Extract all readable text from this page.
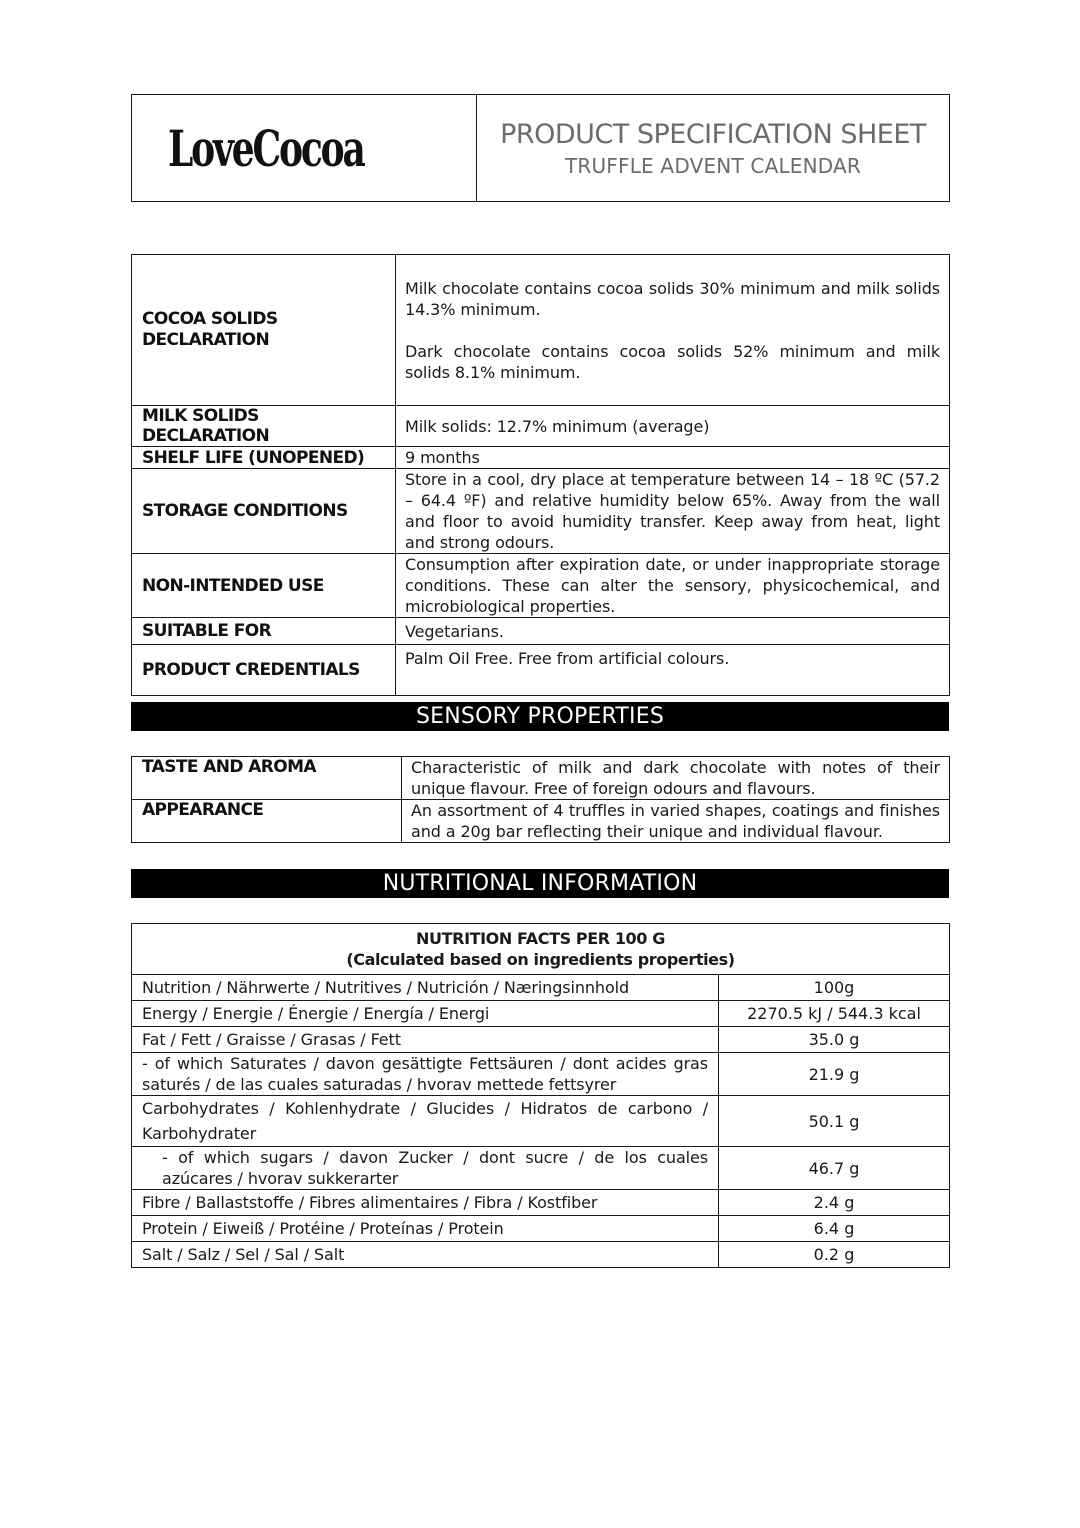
LoveCocoa	PRODUCT SPECIFICATION SHEET
TRUFFLE ADVENT CALENDAR
COCOA SOLIDS DECLARATION	Milk chocolate contains cocoa solids 30% minimum and milk solids 14.3% minimum.
Dark chocolate contains cocoa solids 52% minimum and milk solids 8.1% minimum.

MILK SOLIDS DECLARATION	Milk solids: 12.7% minimum (average)
SHELF LIFE (UNOPENED)	9 months
STORAGE CONDITIONS	Store in a cool, dry place at temperature between 14 – 18 ºC (57.2 – 64.4 ºF) and relative humidity below 65%. Away from the wall and floor to avoid humidity transfer. Keep away from heat, light and strong odours.
NON-INTENDED USE	Consumption after expiration date, or under inappropriate storage conditions. These can alter the sensory, physicochemical, and microbiological properties.
SUITABLE FOR	Vegetarians.
PRODUCT CREDENTIALS	Palm Oil Free. Free from artificial colours.
SENSORY PROPERTIES
TASTE AND AROMA	Characteristic of milk and dark chocolate with notes of their unique flavour. Free of foreign odours and flavours.
APPEARANCE	An assortment of 4 truffles in varied shapes, coatings and finishes and a 20g bar reflecting their unique and individual flavour.
NUTRITIONAL INFORMATION
NUTRITION FACTS PER 100 G
(Calculated based on ingredients properties)	

Nutrition / Nährwerte / Nutritives / Nutrición / Næringsinnhold	100g
Energy / Energie / Énergie / Energía / Energi	2270.5 kJ / 544.3 kcal
Fat / Fett / Graisse / Grasas / Fett	35.0 g
- of which Saturates / davon gesättigte Fettsäuren / dont acides gras saturés / de las cuales saturadas / hvorav mettede fettsyrer	21.9 g
Carbohydrates / Kohlenhydrate / Glucides / Hidratos de carbono / Karbohydrater	50.1 g
- of which sugars / davon Zucker / dont sucre / de los cuales azúcares / hvorav sukkerarter	46.7 g
Fibre / Ballaststoffe / Fibres alimentaires / Fibra / Kostfiber	2.4 g
Protein / Eiweiß / Protéine / Proteínas / Protein	6.4 g
Salt / Salz / Sel / Sal / Salt	0.2 g
